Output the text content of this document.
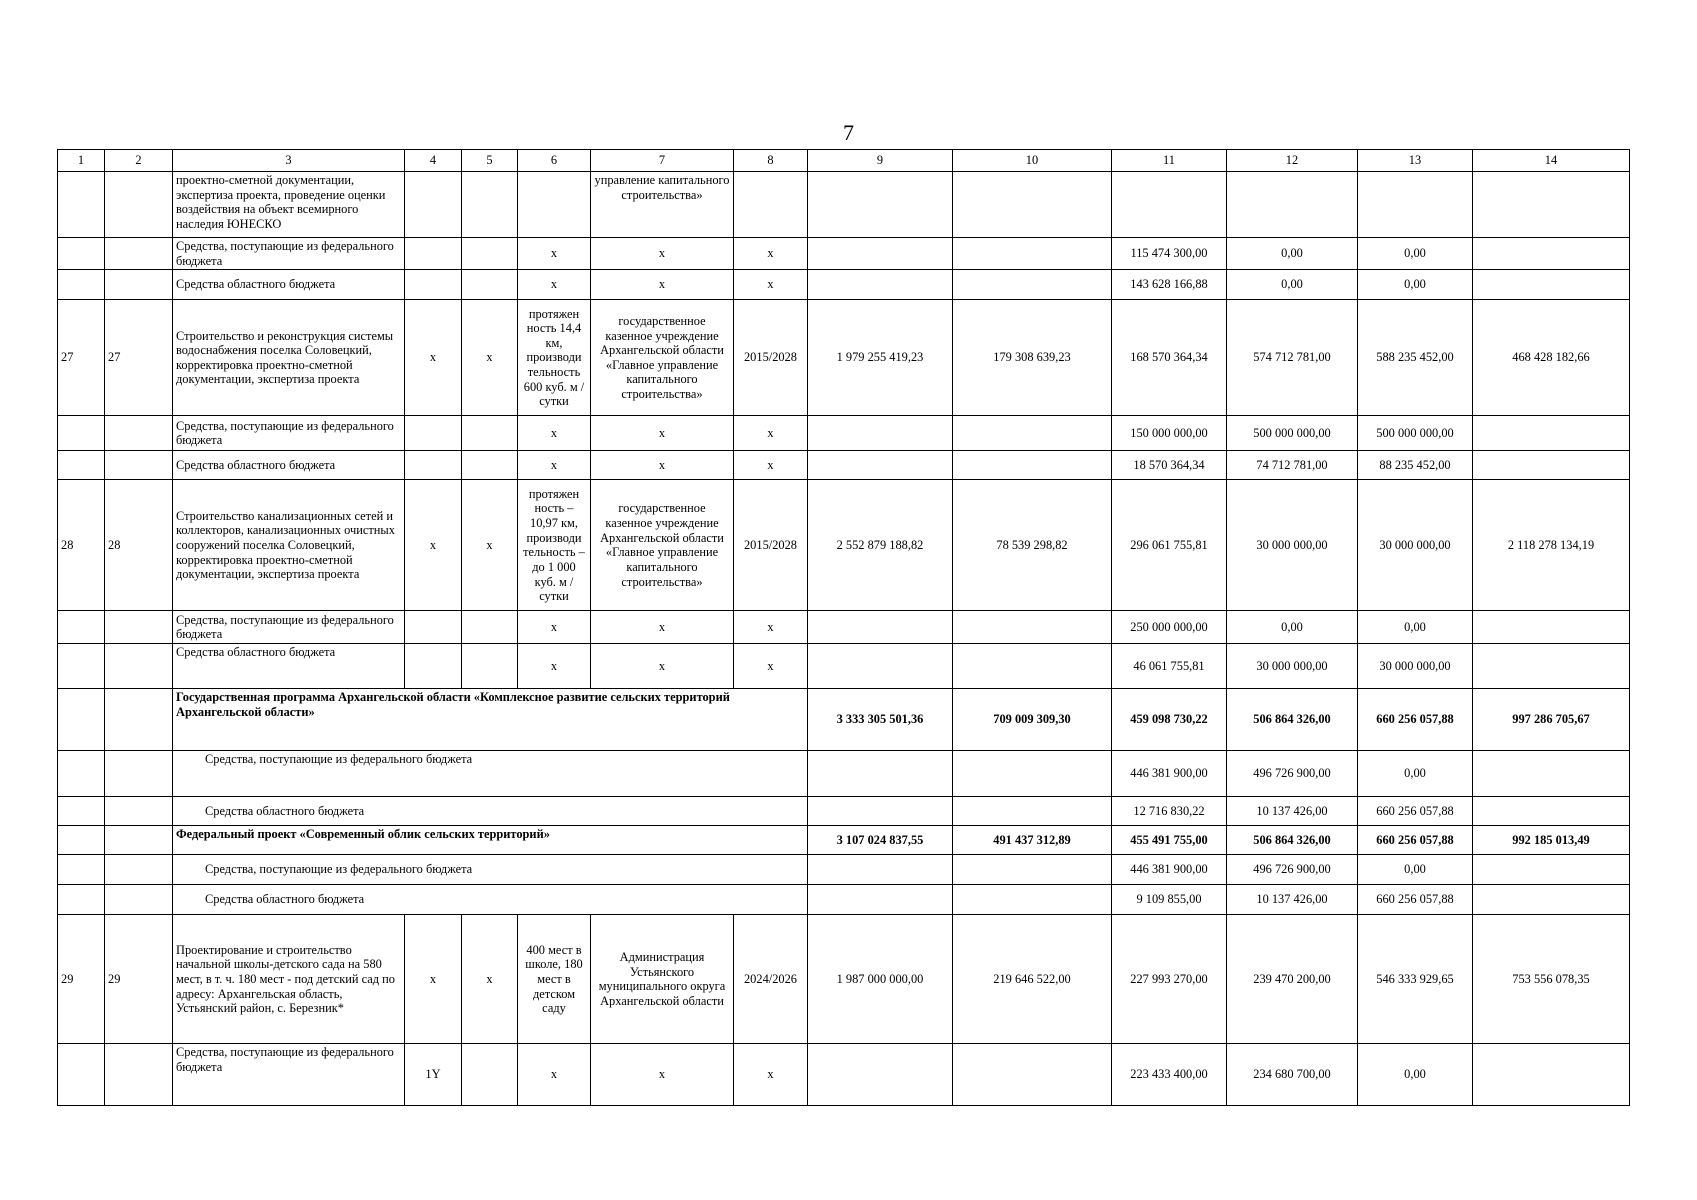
7
1	2	3	4	5	6	7	8	9	10	11	12	13	14
		проектно-сметной документации, экспертиза проекта, проведение оценки воздействия на объект всемирного наследия ЮНЕСКО				управление капитального строительства»							
		Средства, поступающие из федерального бюджета			х	х	х			115 474 300,00	0,00	0,00	
		Средства областного бюджета			х	х	х			143 628 166,88	0,00	0,00	
27	27	Строительство и реконструкция системы водоснабжения поселка Соловецкий, корректировка проектно-сметной документации, экспертиза проекта	х	х	протяжен ность 14,4 км, производи тельность 600 куб. м / сутки	государственное казенное учреждение Архангельской области «Главное управление капитального строительства»	2015/2028	1 979 255 419,23	179 308 639,23	168 570 364,34	574 712 781,00	588 235 452,00	468 428 182,66
		Средства, поступающие из федерального бюджета			х	х	х			150 000 000,00	500 000 000,00	500 000 000,00	
		Средства областного бюджета			х	х	х			18 570 364,34	74 712 781,00	88 235 452,00	
28	28	Строительство канализационных сетей и коллекторов, канализационных очистных сооружений поселка Соловецкий, корректировка проектно-сметной документации, экспертиза проекта	х	х	протяжен ность – 10,97 км, производи тельность – до 1 000 куб. м / сутки	государственное казенное учреждение Архангельской области «Главное управление капитального строительства»	2015/2028	2 552 879 188,82	78 539 298,82	296 061 755,81	30 000 000,00	30 000 000,00	2 118 278 134,19
		Средства, поступающие из федерального бюджета			х	х	х			250 000 000,00	0,00	0,00	
		Средства областного бюджета			х	х	х			46 061 755,81	30 000 000,00	30 000 000,00	
		Государственная программа Архангельской области «Комплексное развитие сельских территорий Архангельской области»						3 333 305 501,36	709 009 309,30	459 098 730,22	506 864 326,00	660 256 057,88	997 286 705,67
		Средства, поступающие из федерального бюджета								446 381 900,00	496 726 900,00	0,00	
		Средства областного бюджета								12 716 830,22	10 137 426,00	660 256 057,88	
		Федеральный проект «Современный облик сельских территорий»						3 107 024 837,55	491 437 312,89	455 491 755,00	506 864 326,00	660 256 057,88	992 185 013,49
		Средства, поступающие из федерального бюджета								446 381 900,00	496 726 900,00	0,00	
		Средства областного бюджета								9 109 855,00	10 137 426,00	660 256 057,88	
29	29	Проектирование и строительство начальной школы-детского сада на 580 мест, в т. ч. 180 мест - под детский сад по адресу: Архангельская область, Устьянский район, с. Березник*	х	х	400 мест в школе, 180 мест в детском саду	Администрация Устьянского муниципального округа Архангельской области	2024/2026	1 987 000 000,00	219 646 522,00	227 993 270,00	239 470 200,00	546 333 929,65	753 556 078,35
		Средства, поступающие из федерального бюджета	1Y		х	х	х			223 433 400,00	234 680 700,00	0,00	
